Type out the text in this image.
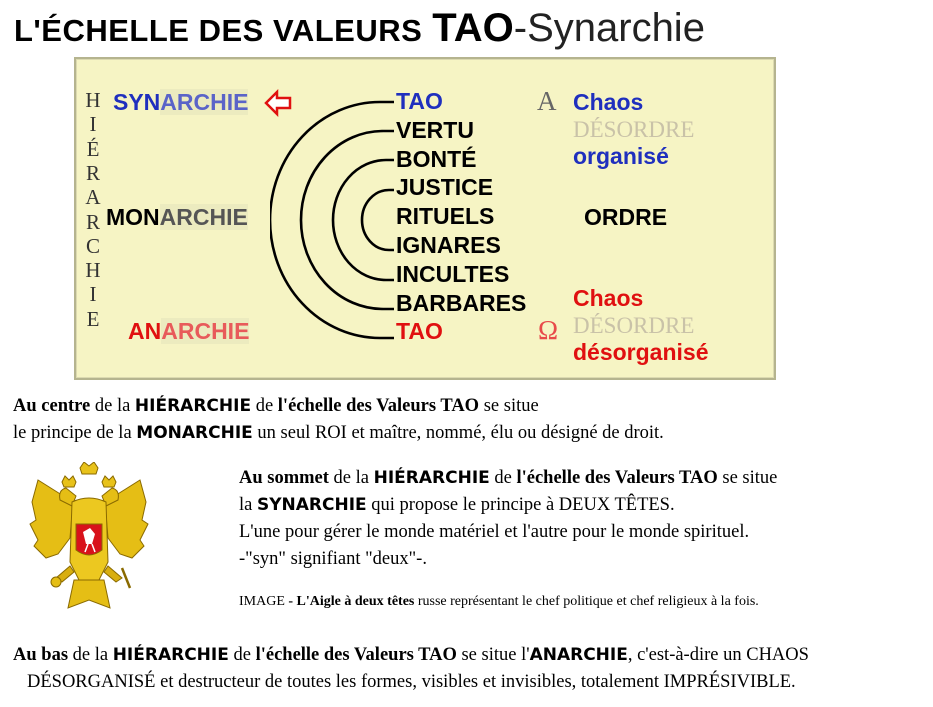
L'ÉCHELLE DES VALEURS TAO-Synarchie
H
I
É
R
A
R
C
H
I
E
SYNARCHIE
MONARCHIE
ANARCHIE
TAO
VERTU
BONTÉ
JUSTICE
RITUELS
IGNARES
INCULTES
BARBARES
TAO
A
Ω
Chaos
DÉSORDRE
organisé
ORDRE
Chaos
DÉSORDRE
désorganisé
Au centre de la HIÉRARCHIE de l'échelle des Valeurs TAO se situe
le principe de la MONARCHIE un seul ROI et maître, nommé, élu ou désigné de droit.
Au sommet de la HIÉRARCHIE de l'échelle des Valeurs TAO se situe
la SYNARCHIE qui propose le principe à DEUX TÊTES.
L'une pour gérer le monde matériel et l'autre pour le monde spirituel.
-"syn" signifiant "deux"-.
IMAGE - L'Aigle à deux têtes russe représentant le chef politique et chef religieux à la fois.
Au bas de la HIÉRARCHIE de l'échelle des Valeurs TAO se situe l'ANARCHIE, c'est-à-dire un CHAOS
DÉSORGANISÉ et destructeur de toutes les formes, visibles et invisibles, totalement IMPRÉSIVIBLE.
